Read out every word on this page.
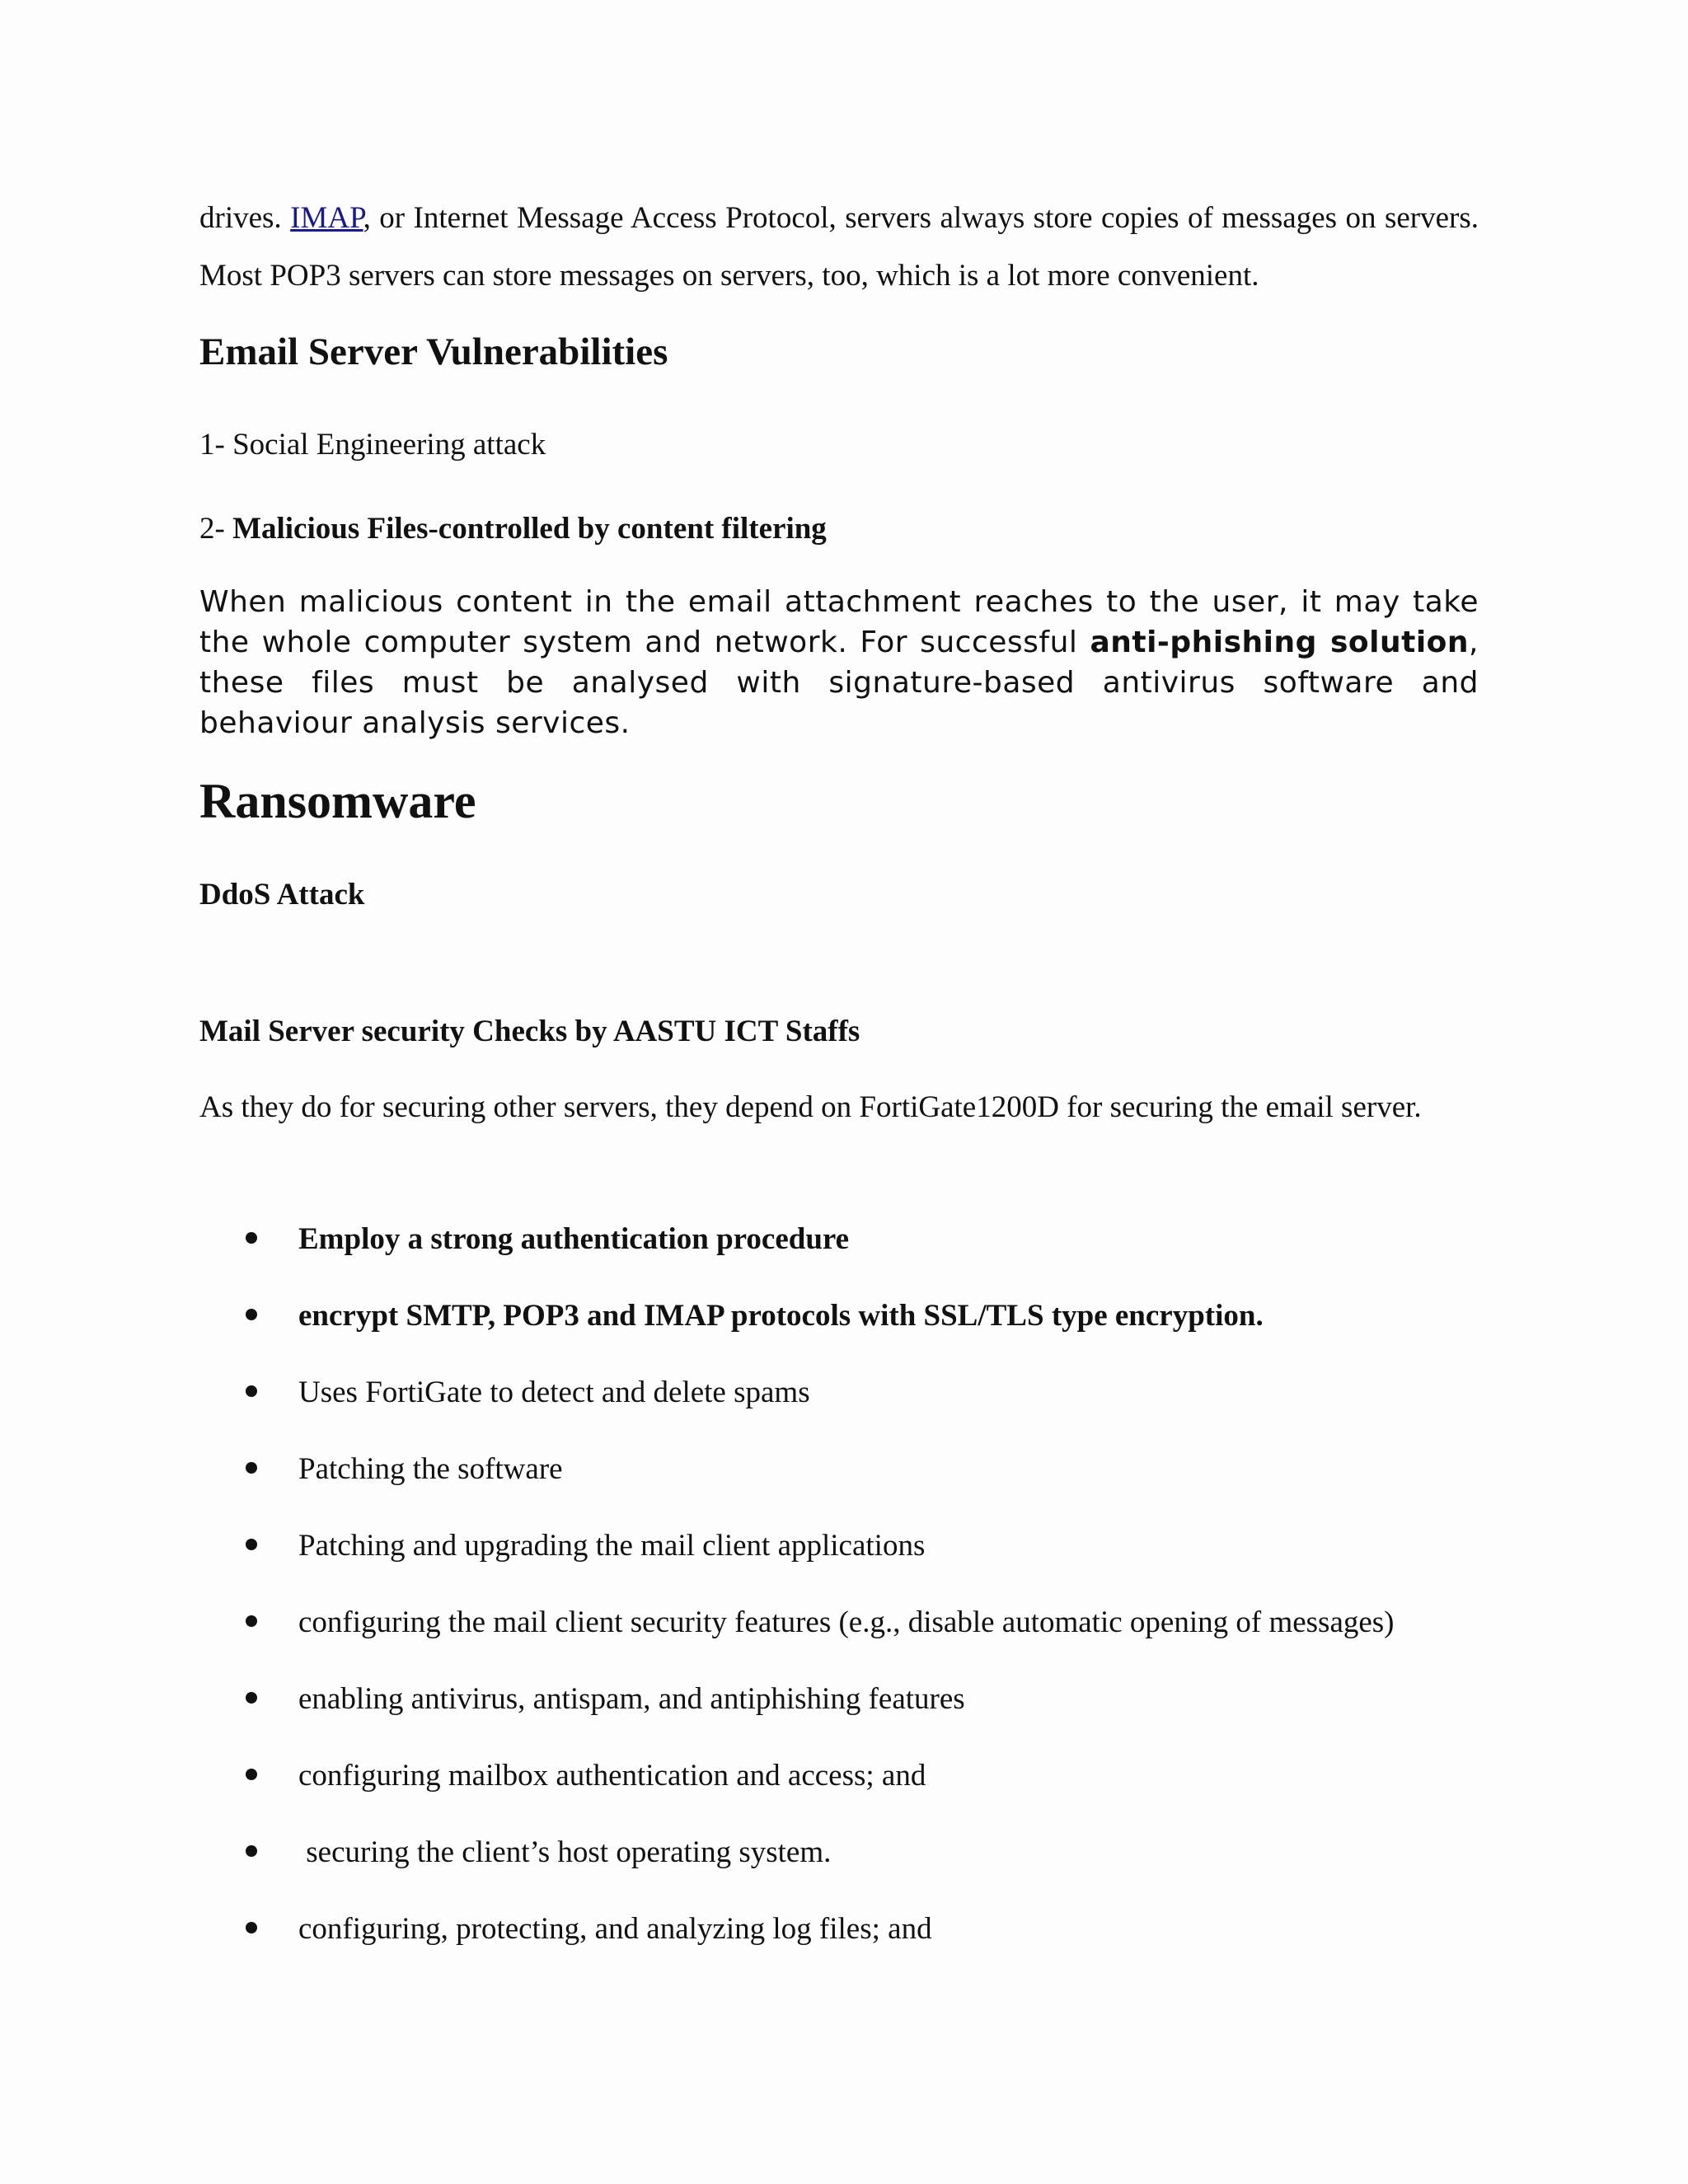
drives. IMAP, or Internet Message Access Protocol, servers always store copies of messages on servers. Most POP3 servers can store messages on servers, too, which is a lot more convenient.

Email Server Vulnerabilities

1- Social Engineering attack

2- Malicious Files-controlled by content filtering

When malicious content in the email attachment reaches to the user, it may take the whole computer system and network. For successful anti-phishing solution, these files must be analysed with signature-based antivirus software and behaviour analysis services.

Ransomware
DdoS Attack
Mail Server security Checks by AASTU ICT Staffs

As they do for securing other servers, they depend on FortiGate1200D for securing the email server.

Employ a strong authentication procedure
encrypt SMTP, POP3 and IMAP protocols with SSL/TLS type encryption.
Uses FortiGate to detect and delete spams
Patching the software
Patching and upgrading the mail client applications
configuring the mail client security features (e.g., disable automatic opening of messages)
enabling antivirus, antispam, and antiphishing features
configuring mailbox authentication and access; and
securing the client’s host operating system.
configuring, protecting, and analyzing log files; and
